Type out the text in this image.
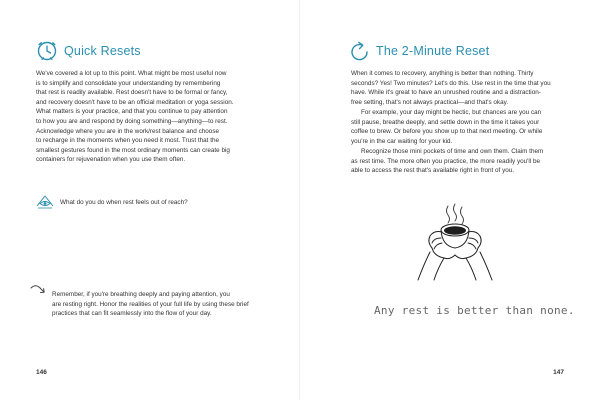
Quick Resets

We've covered a lot up to this point. What might be most useful now

is to simplify and consolidate your understanding by remembering

that rest is readily available. Rest doesn't have to be formal or fancy,

and recovery doesn't have to be an official meditation or yoga session.

What matters is your practice, and that you continue to pay attention

to how you are and respond by doing something—anything—to rest.

Acknowledge where you are in the work/rest balance and choose

to recharge in the moments when you need it most. Trust that the

smallest gestures found in the most ordinary moments can create big

containers for rejuvenation when you use them often.

What do you do when rest feels out of reach?
Remember, if you're breathing deeply and paying attention, you
are resting right. Honor the realities of your full life by using these brief
practices that can fit seamlessly into the flow of your day.
146
The 2-Minute Reset

When it comes to recovery, anything is better than nothing. Thirty

seconds? Yes! Two minutes? Let's do this. Use rest in the time that you

have. While it's great to have an unrushed routine and a distraction-

free setting, that's not always practical—and that's okay.

For example, your day might be hectic, but chances are you can

still pause, breathe deeply, and settle down in the time it takes your

coffee to brew. Or before you show up to that next meeting. Or while

you're in the car waiting for your kid.

Recognize those mini pockets of time and own them. Claim them

as rest time. The more often you practice, the more readily you'll be

able to access the rest that's available right in front of you.

Any rest is better than none.
147
